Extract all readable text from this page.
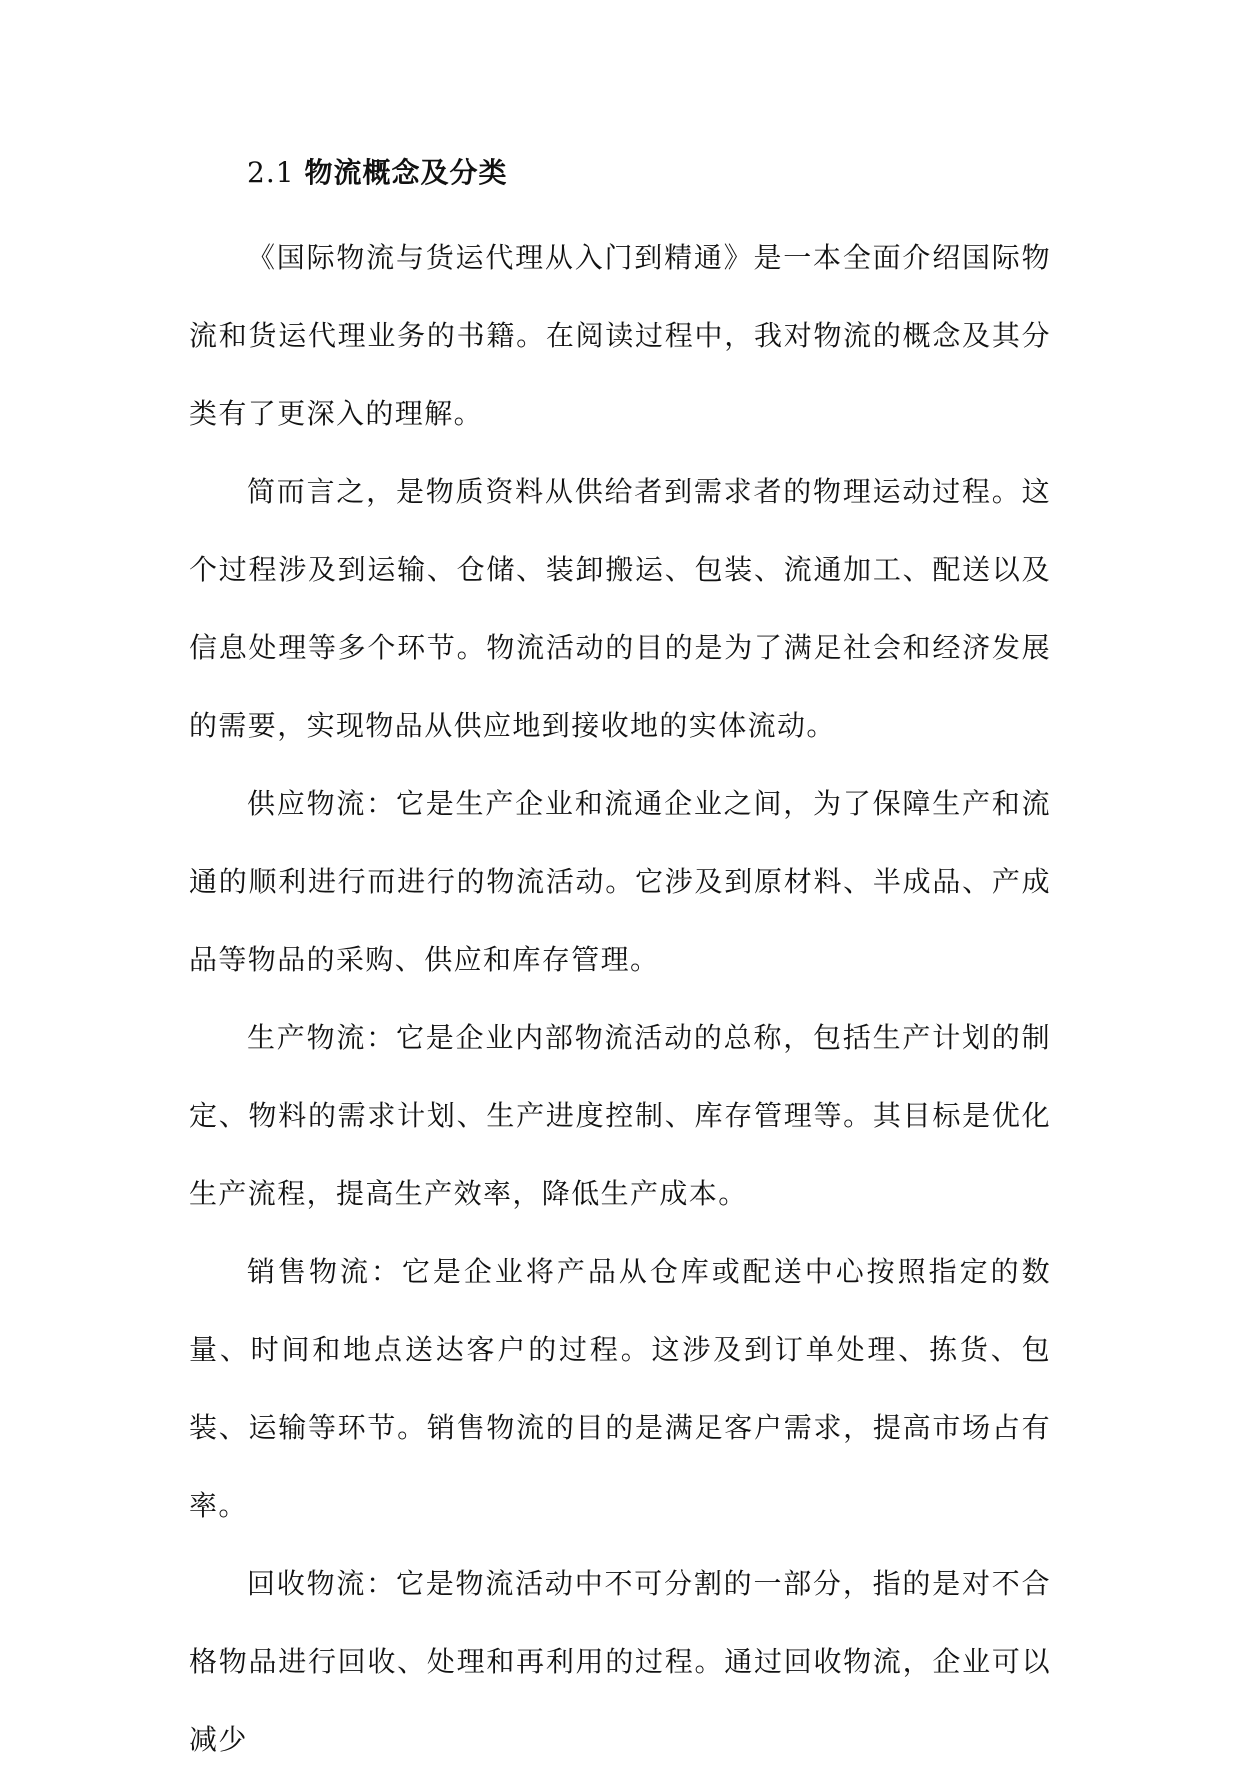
2.1 物流概念及分类

《国际物流与货运代理从入门到精通》是一本全面介绍国际物流和货运代理业务的书籍。在阅读过程中，我对物流的概念及其分类有了更深入的理解。

简而言之，是物质资料从供给者到需求者的物理运动过程。这个过程涉及到运输、仓储、装卸搬运、包装、流通加工、配送以及信息处理等多个环节。物流活动的目的是为了满足社会和经济发展的需要，实现物品从供应地到接收地的实体流动。

供应物流：它是生产企业和流通企业之间，为了保障生产和流通的顺利进行而进行的物流活动。它涉及到原材料、半成品、产成品等物品的采购、供应和库存管理。

生产物流：它是企业内部物流活动的总称，包括生产计划的制定、物料的需求计划、生产进度控制、库存管理等。其目标是优化生产流程，提高生产效率，降低生产成本。

销售物流：它是企业将产品从仓库或配送中心按照指定的数量、时间和地点送达客户的过程。这涉及到订单处理、拣货、包装、运输等环节。销售物流的目的是满足客户需求，提高市场占有率。

回收物流：它是物流活动中不可分割的一部分，指的是对不合格物品进行回收、处理和再利用的过程。通过回收物流，企业可以减少
